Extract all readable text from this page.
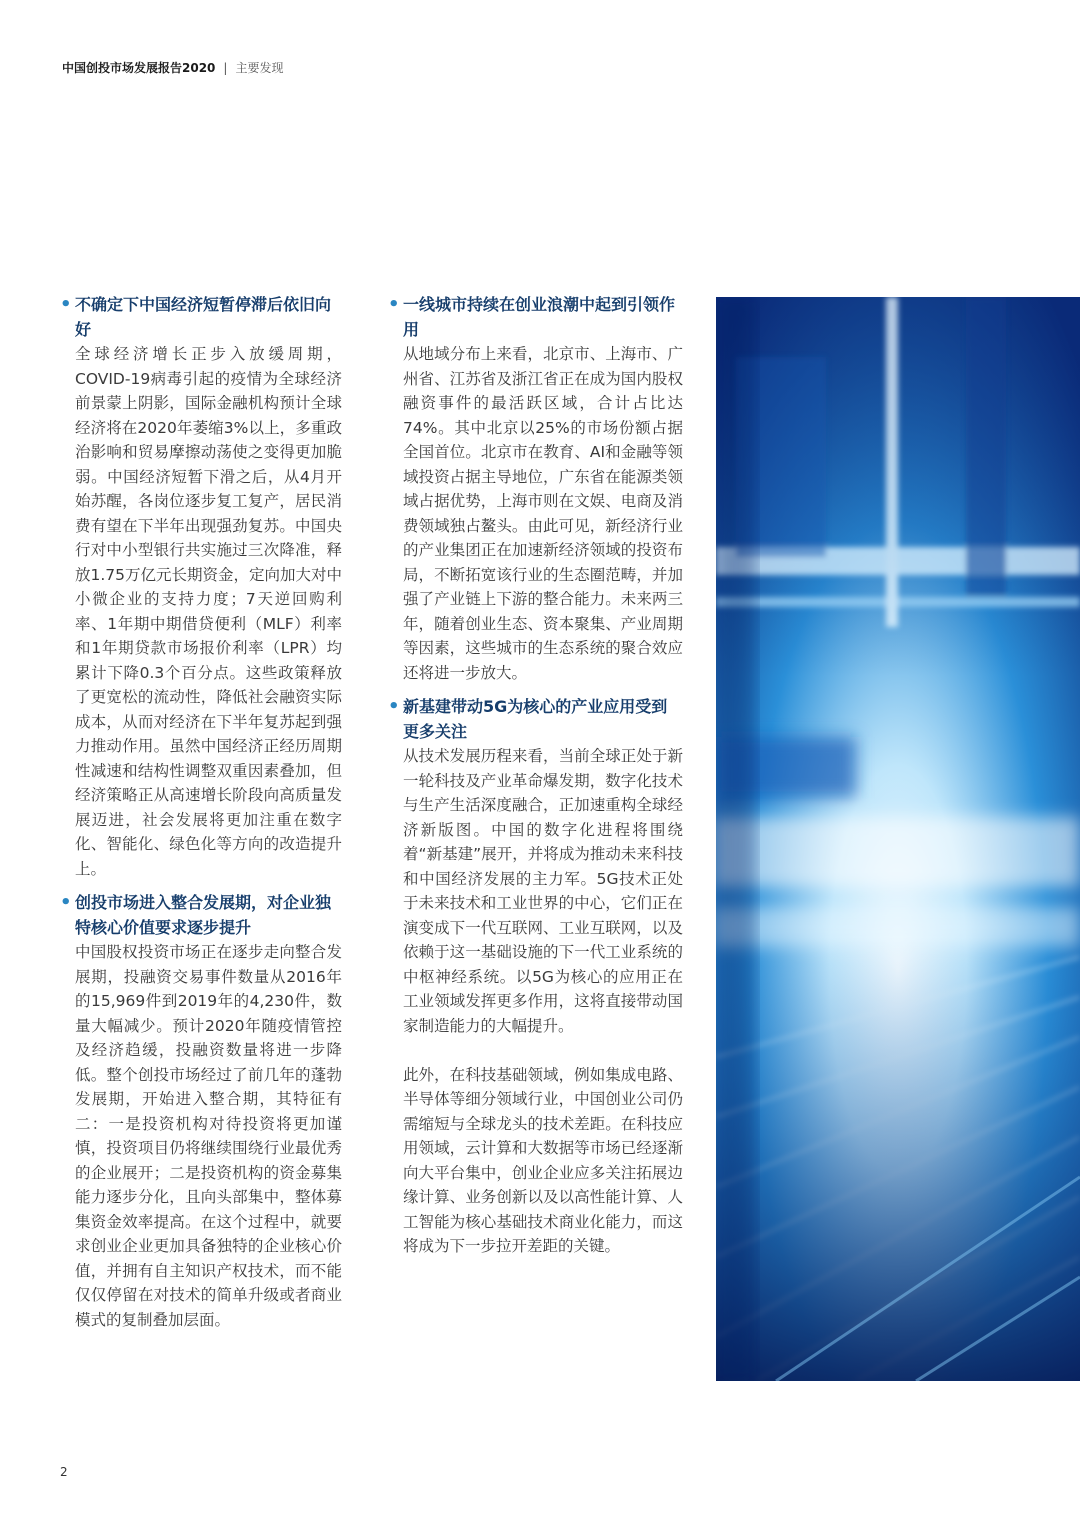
中国创投市场发展报告2020 | 主要发现
• 不确定下中国经济短暂停滞后依旧向好

全球经济增长正步入放缓周期，COVID-19病毒引起的疫情为全球经济前景蒙上阴影，国际金融机构预计全球经济将在2020年萎缩3%以上，多重政治影响和贸易摩擦动荡使之变得更加脆弱。中国经济短暂下滑之后，从4月开始苏醒，各岗位逐步复工复产，居民消费有望在下半年出现强劲复苏。中国央行对中小型银行共实施过三次降准，释放1.75万亿元长期资金，定向加大对中小微企业的支持力度；7天逆回购利率、1年期中期借贷便利（MLF）利率和1年期贷款市场报价利率（LPR）均累计下降0.3个百分点。这些政策释放了更宽松的流动性，降低社会融资实际成本，从而对经济在下半年复苏起到强力推动作用。虽然中国经济正经历周期性减速和结构性调整双重因素叠加，但经济策略正从高速增长阶段向高质量发展迈进，社会发展将更加注重在数字化、智能化、绿色化等方向的改造提升上。

• 创投市场进入整合发展期，对企业独特核心价值要求逐步提升

中国股权投资市场正在逐步走向整合发展期，投融资交易事件数量从2016年的15,969件到2019年的4,230件，数量大幅减少。预计2020年随疫情管控及经济趋缓，投融资数量将进一步降低。整个创投市场经过了前几年的蓬勃发展期，开始进入整合期，其特征有二：一是投资机构对待投资将更加谨慎，投资项目仍将继续围绕行业最优秀的企业展开；二是投资机构的资金募集能力逐步分化，且向头部集中，整体募集资金效率提高。在这个过程中，就要求创业企业更加具备独特的企业核心价值，并拥有自主知识产权技术，而不能仅仅停留在对技术的简单升级或者商业模式的复制叠加层面。

• 一线城市持续在创业浪潮中起到引领作用

从地域分布上来看，北京市、上海市、广州省、江苏省及浙江省正在成为国内股权融资事件的最活跃区域，合计占比达74%。其中北京以25%的市场份额占据全国首位。北京市在教育、AI和金融等领域投资占据主导地位，广东省在能源类领域占据优势，上海市则在文娱、电商及消费领域独占鳌头。由此可见，新经济行业的产业集团正在加速新经济领域的投资布局，不断拓宽该行业的生态圈范畴，并加强了产业链上下游的整合能力。未来两三年，随着创业生态、资本聚集、产业周期等因素，这些城市的生态系统的聚合效应还将进一步放大。

• 新基建带动5G为核心的产业应用受到更多关注

从技术发展历程来看，当前全球正处于新一轮科技及产业革命爆发期，数字化技术与生产生活深度融合，正加速重构全球经济新版图。中国的数字化进程将围绕着“新基建”展开，并将成为推动未来科技和中国经济发展的主力军。5G技术正处于未来技术和工业世界的中心，它们正在演变成下一代互联网、工业互联网，以及依赖于这一基础设施的下一代工业系统的中枢神经系统。以5G为核心的应用正在工业领域发挥更多作用，这将直接带动国家制造能力的大幅提升。

此外，在科技基础领域，例如集成电路、半导体等细分领域行业，中国创业公司仍需缩短与全球龙头的技术差距。在科技应用领域，云计算和大数据等市场已经逐渐向大平台集中，创业企业应多关注拓展边缘计算、业务创新以及以高性能计算、人工智能为核心基础技术商业化能力，而这将成为下一步拉开差距的关键。

2
